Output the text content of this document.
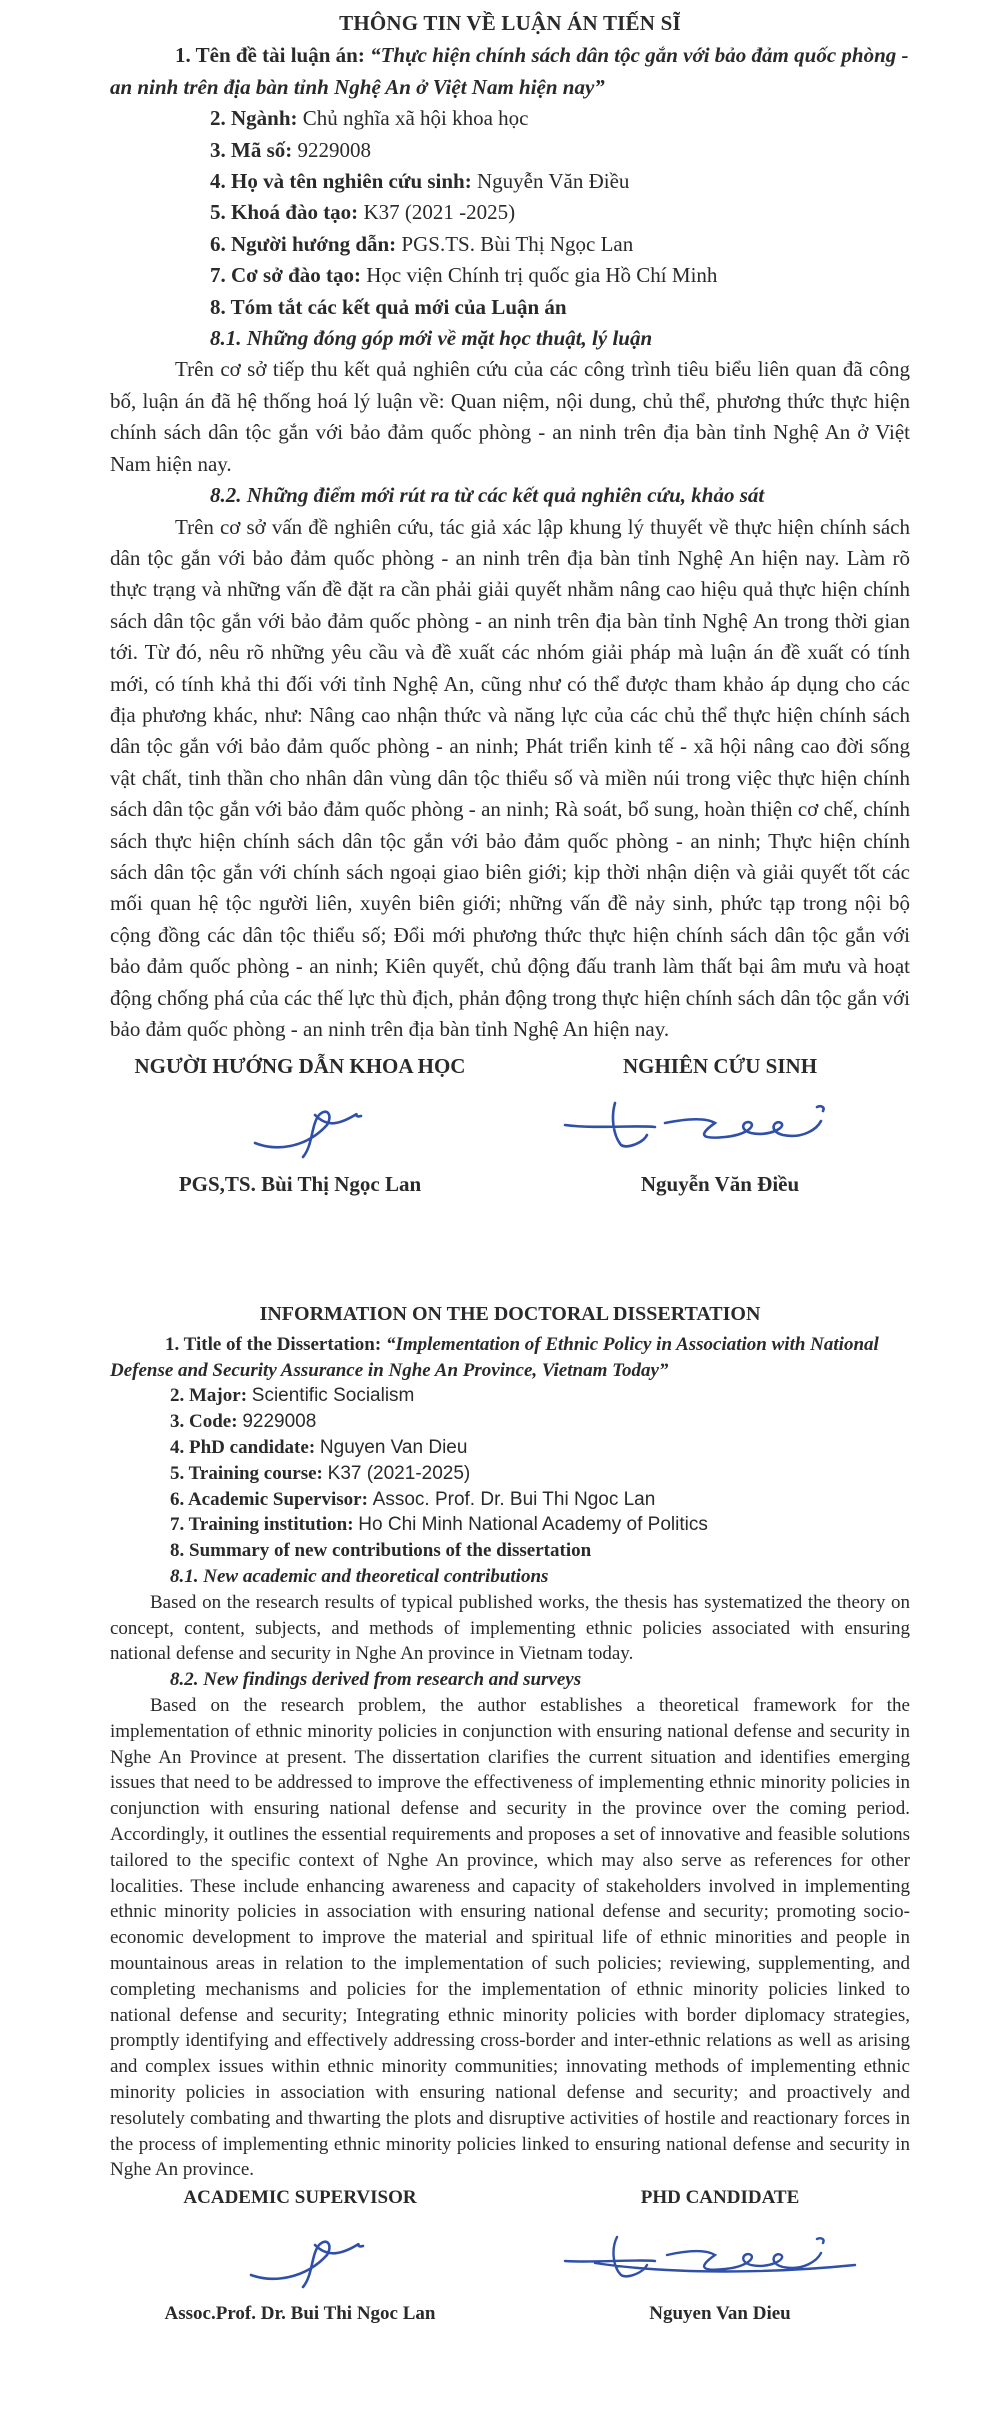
THÔNG TIN VỀ LUẬN ÁN TIẾN SĨ

1. Tên đề tài luận án: “Thực hiện chính sách dân tộc gắn với bảo đảm quốc phòng - an ninh trên địa bàn tỉnh Nghệ An ở Việt Nam hiện nay”

2. Ngành: Chủ nghĩa xã hội khoa học

3. Mã số: 9229008

4. Họ và tên nghiên cứu sinh: Nguyễn Văn Điều

5. Khoá đào tạo: K37 (2021 -2025)

6. Người hướng dẫn: PGS.TS. Bùi Thị Ngọc Lan

7. Cơ sở đào tạo: Học viện Chính trị quốc gia Hồ Chí Minh

8. Tóm tắt các kết quả mới của Luận án

8.1. Những đóng góp mới về mặt học thuật, lý luận

Trên cơ sở tiếp thu kết quả nghiên cứu của các công trình tiêu biểu liên quan đã công bố, luận án đã hệ thống hoá lý luận về: Quan niệm, nội dung, chủ thể, phương thức thực hiện chính sách dân tộc gắn với bảo đảm quốc phòng - an ninh trên địa bàn tỉnh Nghệ An ở Việt Nam hiện nay.

8.2. Những điểm mới rút ra từ các kết quả nghiên cứu, khảo sát

Trên cơ sở vấn đề nghiên cứu, tác giả xác lập khung lý thuyết về thực hiện chính sách dân tộc gắn với bảo đảm quốc phòng - an ninh trên địa bàn tỉnh Nghệ An hiện nay. Làm rõ thực trạng và những vấn đề đặt ra cần phải giải quyết nhằm nâng cao hiệu quả thực hiện chính sách dân tộc gắn với bảo đảm quốc phòng - an ninh trên địa bàn tỉnh Nghệ An trong thời gian tới. Từ đó, nêu rõ những yêu cầu và đề xuất các nhóm giải pháp mà luận án đề xuất có tính mới, có tính khả thi đối với tỉnh Nghệ An, cũng như có thể được tham khảo áp dụng cho các địa phương khác, như: Nâng cao nhận thức và năng lực của các chủ thể thực hiện chính sách dân tộc gắn với bảo đảm quốc phòng - an ninh; Phát triển kinh tế - xã hội nâng cao đời sống vật chất, tinh thần cho nhân dân vùng dân tộc thiểu số và miền núi trong việc thực hiện chính sách dân tộc gắn với bảo đảm quốc phòng - an ninh; Rà soát, bổ sung, hoàn thiện cơ chế, chính sách thực hiện chính sách dân tộc gắn với bảo đảm quốc phòng - an ninh; Thực hiện chính sách dân tộc gắn với chính sách ngoại giao biên giới; kịp thời nhận diện và giải quyết tốt các mối quan hệ tộc người liên, xuyên biên giới; những vấn đề nảy sinh, phức tạp trong nội bộ cộng đồng các dân tộc thiểu số; Đổi mới phương thức thực hiện chính sách dân tộc gắn với bảo đảm quốc phòng - an ninh; Kiên quyết, chủ động đấu tranh làm thất bại âm mưu và hoạt động chống phá của các thế lực thù địch, phản động trong thực hiện chính sách dân tộc gắn với bảo đảm quốc phòng - an ninh trên địa bàn tỉnh Nghệ An hiện nay.

NGƯỜI HƯỚNG DẪN KHOA HỌC
PGS,TS. Bùi Thị Ngọc Lan
NGHIÊN CỨU SINH
Nguyễn Văn Điều

INFORMATION ON THE DOCTORAL DISSERTATION

1. Title of the Dissertation: “Implementation of Ethnic Policy in Association with National Defense and Security Assurance in Nghe An Province, Vietnam Today”

2. Major: Scientific Socialism

3. Code: 9229008

4. PhD candidate: Nguyen Van Dieu

5. Training course: K37 (2021-2025)

6. Academic Supervisor: Assoc. Prof. Dr. Bui Thi Ngoc Lan

7. Training institution: Ho Chi Minh National Academy of Politics

8. Summary of new contributions of the dissertation

8.1. New academic and theoretical contributions

Based on the research results of typical published works, the thesis has systematized the theory on concept, content, subjects, and methods of implementing ethnic policies associated with ensuring national defense and security in Nghe An province in Vietnam today.

8.2. New findings derived from research and surveys

Based on the research problem, the author establishes a theoretical framework for the implementation of ethnic minority policies in conjunction with ensuring national defense and security in Nghe An Province at present. The dissertation clarifies the current situation and identifies emerging issues that need to be addressed to improve the effectiveness of implementing ethnic minority policies in conjunction with ensuring national defense and security in the province over the coming period. Accordingly, it outlines the essential requirements and proposes a set of innovative and feasible solutions tailored to the specific context of Nghe An province, which may also serve as references for other localities. These include enhancing awareness and capacity of stakeholders involved in implementing ethnic minority policies in association with ensuring national defense and security; promoting socio-economic development to improve the material and spiritual life of ethnic minorities and people in mountainous areas in relation to the implementation of such policies; reviewing, supplementing, and completing mechanisms and policies for the implementation of ethnic minority policies linked to national defense and security; Integrating ethnic minority policies with border diplomacy strategies, promptly identifying and effectively addressing cross-border and inter-ethnic relations as well as arising and complex issues within ethnic minority communities; innovating methods of implementing ethnic minority policies in association with ensuring national defense and security; and proactively and resolutely combating and thwarting the plots and disruptive activities of hostile and reactionary forces in the process of implementing ethnic minority policies linked to ensuring national defense and security in Nghe An province.

ACADEMIC SUPERVISOR
Assoc.Prof. Dr. Bui Thi Ngoc Lan
PHD CANDIDATE
Nguyen Van Dieu
